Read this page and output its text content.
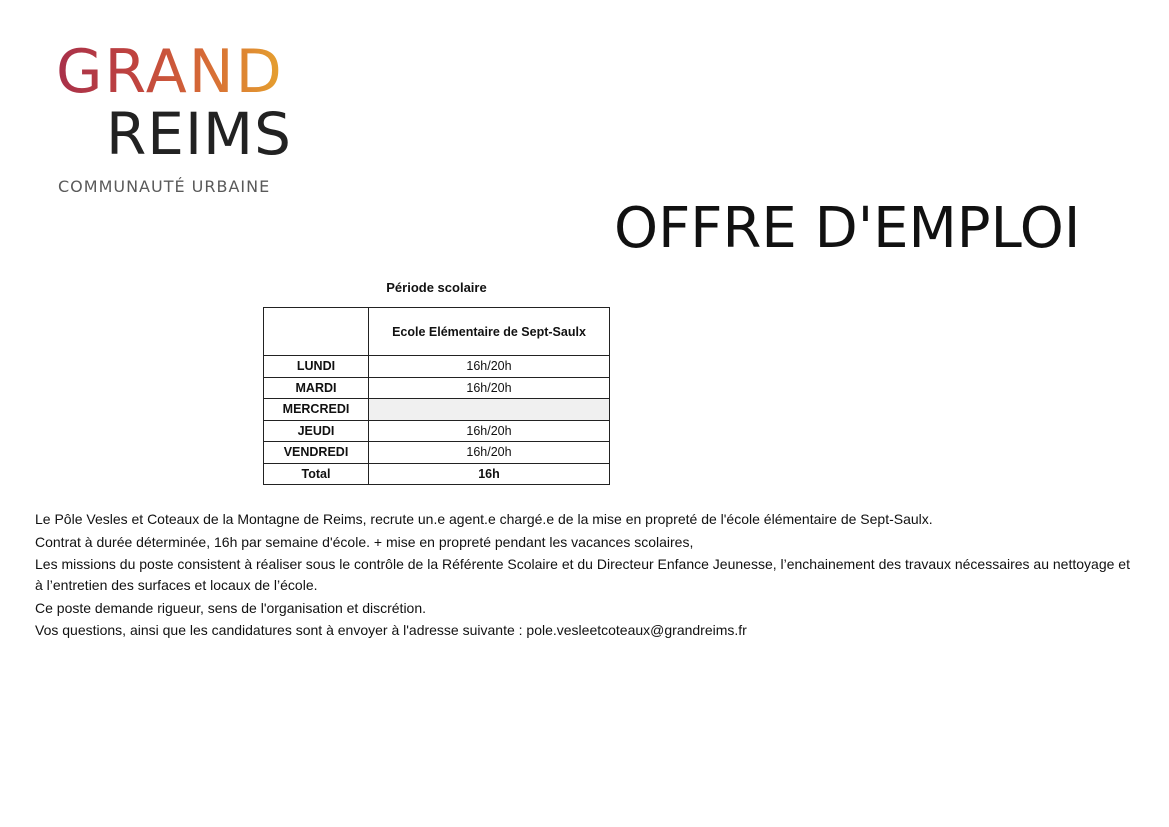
GRAND
REIMS
COMMUNAUTÉ URBAINE
OFFRE D'EMPLOI
Période scolaire
	Ecole Elémentaire de Sept-Saulx
LUNDI	16h/20h
MARDI	16h/20h
MERCREDI	
JEUDI	16h/20h
VENDREDI	16h/20h
Total	16h

Le Pôle Vesles et Coteaux de la Montagne de Reims, recrute un.e agent.e chargé.e de la mise en propreté de l'école élémentaire de Sept-Saulx.

Contrat à durée déterminée, 16h par semaine d'école. + mise en propreté pendant les vacances scolaires,

Les missions du poste consistent à réaliser sous le contrôle de la Référente Scolaire et du Directeur Enfance Jeunesse, l’enchainement des travaux nécessaires au nettoyage et à l’entretien des surfaces et locaux de l’école.

Ce poste demande rigueur, sens de l'organisation et discrétion.

Vos questions, ainsi que les candidatures sont à envoyer à l'adresse suivante : pole.vesleetcoteaux@grandreims.fr
